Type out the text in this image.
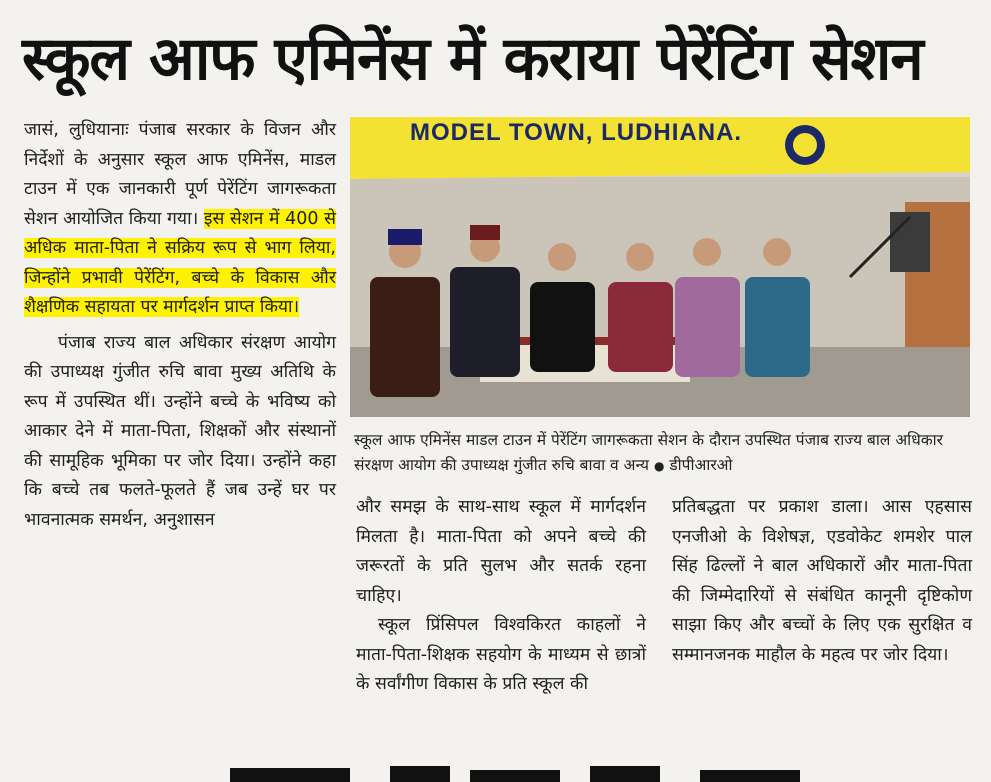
स्कूल आफ एमिनेंस में कराया पेरेंटिंग सेशन

जासं, लुधियानाः पंजाब सरकार के विजन और निर्देशों के अनुसार स्कूल आफ एमिनेंस, माडल टाउन में एक जानकारी पूर्ण पेरेंटिंग जागरूकता सेशन आयोजित किया गया। इस सेशन में 400 से अधिक माता-पिता ने सक्रिय रूप से भाग लिया, जिन्होंने प्रभावी पेरेंटिंग, बच्चे के विकास और शैक्षणिक सहायता पर मार्गदर्शन प्राप्त किया।

पंजाब राज्य बाल अधिकार संरक्षण आयोग की उपाध्यक्ष गुंजीत रुचि बावा मुख्य अतिथि के रूप में उपस्थित थीं। उन्होंने बच्चे के भविष्य को आकार देने में माता-पिता, शिक्षकों और संस्थानों की सामूहिक भूमिका पर जोर दिया। उन्होंने कहा कि बच्चे तब फलते-फूलते हैं जब उन्हें घर पर भावनात्मक समर्थन, अनुशासन

MODEL TOWN, LUDHIANA.
स्कूल आफ एमिनेंस माडल टाउन में पेरेंटिंग जागरूकता सेशन के दौरान उपस्थित पंजाब राज्य बाल अधिकार संरक्षण आयोग की उपाध्यक्ष गुंजीत रुचि बावा व अन्य ● डीपीआरओ

और समझ के साथ-साथ स्कूल में मार्गदर्शन मिलता है। माता-पिता को अपने बच्चे की जरूरतों के प्रति सुलभ और सतर्क रहना चाहिए।

स्कूल प्रिंसिपल विश्वकिरत काहलों ने माता-पिता-शिक्षक सहयोग के माध्यम से छात्रों के सर्वांगीण विकास के प्रति स्कूल की

प्रतिबद्धता पर प्रकाश डाला। आस एहसास एनजीओ के विशेषज्ञ, एडवोकेट शमशेर पाल सिंह ढिल्लों ने बाल अधिकारों और माता-पिता की जिम्मेदारियों से संबंधित कानूनी दृष्टिकोण साझा किए और बच्चों के लिए एक सुरक्षित व सम्मानजनक माहौल के महत्व पर जोर दिया।
